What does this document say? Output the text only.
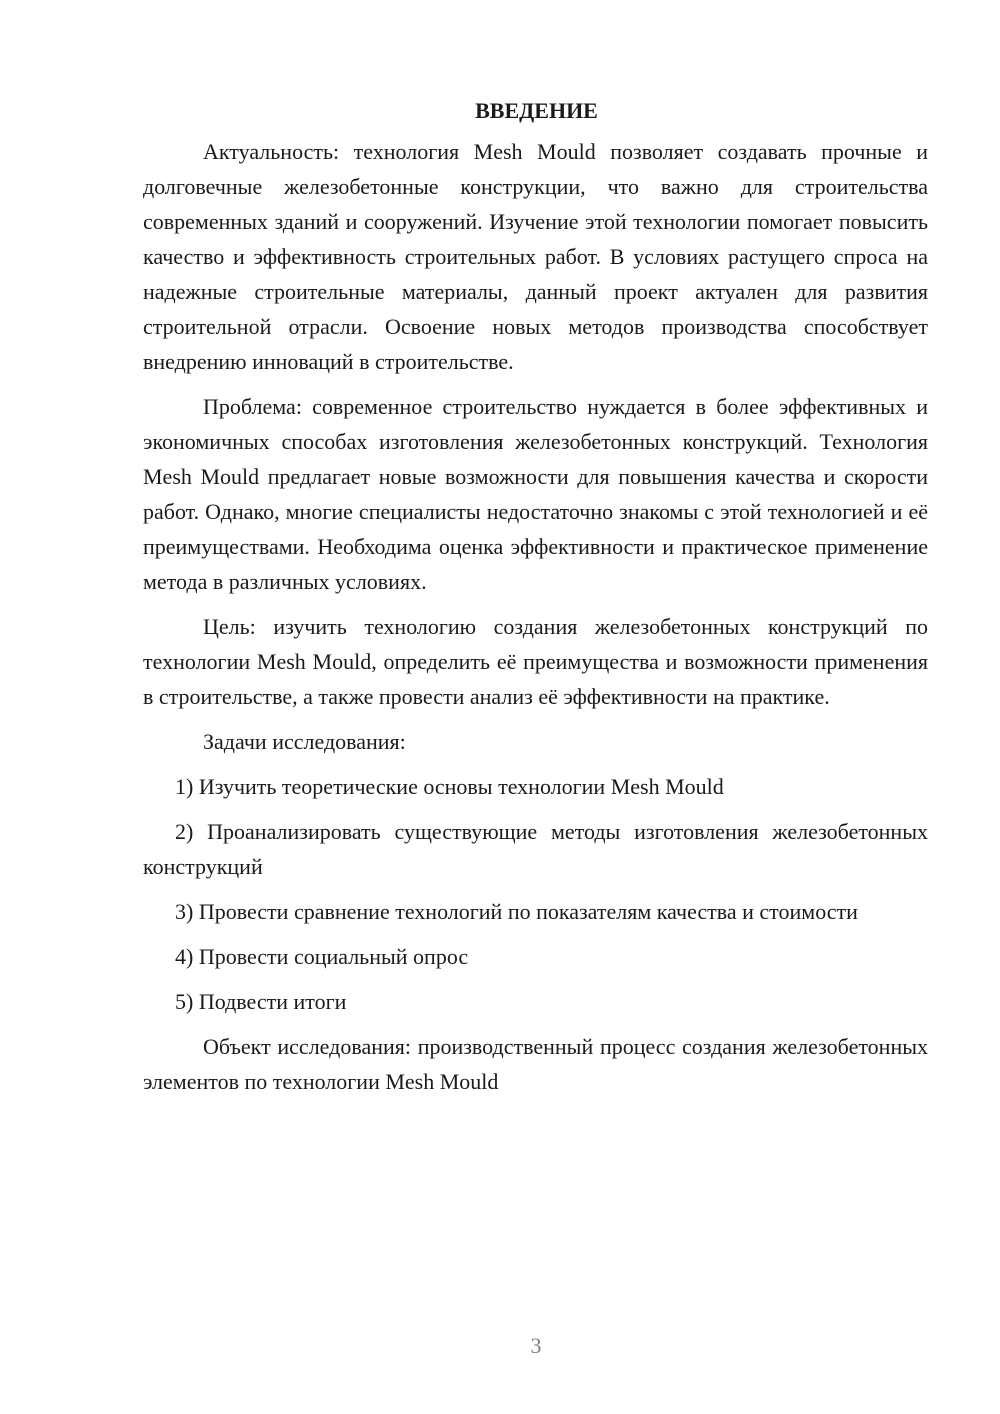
ВВЕДЕНИЕ

Актуальность: технология Mesh Mould позволяет создавать прочные и долговечные железобетонные конструкции, что важно для строительства современных зданий и сооружений. Изучение этой технологии помогает повысить качество и эффективность строительных работ. В условиях растущего спроса на надежные строительные материалы, данный проект актуален для развития строительной отрасли. Освоение новых методов производства способствует внедрению инноваций в строительстве.

Проблема: современное строительство нуждается в более эффективных и экономичных способах изготовления железобетонных конструкций. Технология Mesh Mould предлагает новые возможности для повышения качества и скорости работ. Однако, многие специалисты недостаточно знакомы с этой технологией и её преимуществами. Необходима оценка эффективности и практическое применение метода в различных условиях.

Цель: изучить технологию создания железобетонных конструкций по технологии Mesh Mould, определить её преимущества и возможности применения в строительстве, а также провести анализ её эффективности на практике.

Задачи исследования:

1) Изучить теоретические основы технологии Mesh Mould

2) Проанализировать существующие методы изготовления железобетонных конструкций

3) Провести сравнение технологий по показателям качества и стоимости

4) Провести социальный опрос

5) Подвести итоги

Объект исследования: производственный процесс создания железобетонных элементов по технологии Mesh Mould

3
